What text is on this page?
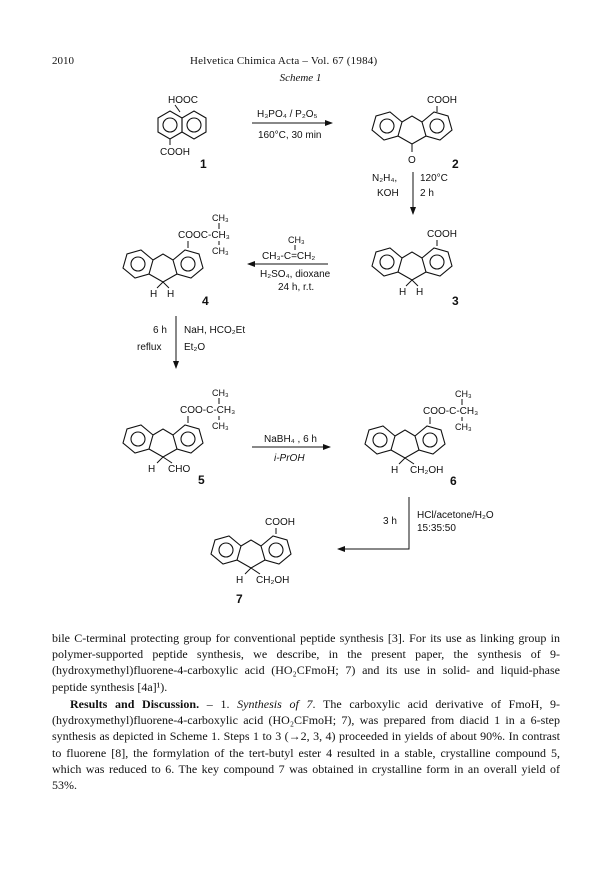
2010	Helvetica Chimica Acta – Vol. 67 (1984)
Scheme 1
HOOC
COOH
1
H₃PO₄ / P₂O₅
160°C, 30 min
COOH
O	2
N₂H₄,
KOH
120°C
2 h
COOH
H H
3
CH₃
CH₃-C=CH₂
H₂SO₄, dioxane
24 h, r.t.
CH₃
COOC-CH₃
CH₃
H H 4
6 h
reflux
NaH, HCO₂Et
Et₂O
CH₃
COO-C-CH₃
CH₃
H CHO
5
NaBH₄ , 6 h
i-PrOH
CH₃
COO-C-CH₃
CH₃
H CH₂OH
6
3 h
HCl/acetone/H₂O
15:35:50
COOH
H CH₂OH
7
bile C-terminal protecting group for conventional peptide synthesis [3]. For its use as linking group in polymer-supported peptide synthesis, we describe, in the present paper, the synthesis of 9-(hydroxymethyl)fluorene-4-carboxylic acid (HO₂CFmoH; 7) and its use in solid- and liquid-phase peptide synthesis [4a]¹).
Results and Discussion. – 1. Synthesis of 7. The carboxylic acid derivative of FmoH, 9-(hydroxymethyl)fluorene-4-carboxylic acid (HO₂CFmoH; 7), was prepared from diacid 1 in a 6-step synthesis as depicted in Scheme 1. Steps 1 to 3 (→2, 3, 4) proceeded in yields of about 90%. In contrast to fluorene [8], the formylation of the tert-butyl ester 4 resulted in a stable, crystalline compound 5, which was reduced to 6. The key compound 7 was obtained in crystalline form in an overall yield of 53%.
